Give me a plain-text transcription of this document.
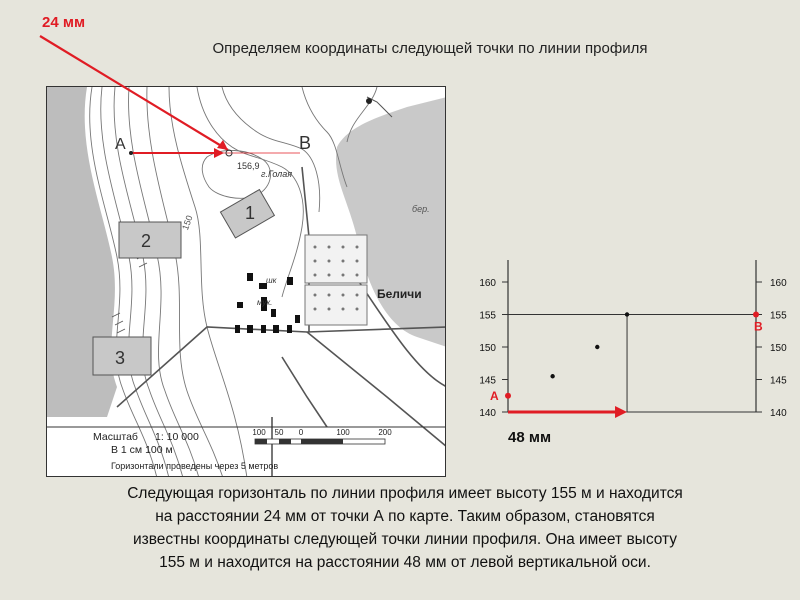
24 мм
Определяем координаты следующей точки по линии профиля
А	В
156,9
г.Голая
150	1
2
3
Беличи
шк
мук.
бер.
Масштаб 1: 10 000
В 1 см 100 м
Горизонтали проведены через 5 метров
100 50 0	100	200
160	160
155	155
150	150
145	145
140	140
А
В
48 мм
Следующая горизонталь по линии профиля имеет высоту 155 м и находится
на расстоянии 24 мм от точки А по карте. Таким образом, становятся
известны координаты следующей точки линии профиля. Она имеет высоту
155 м и находится на расстоянии 48 мм от левой вертикальной оси.
